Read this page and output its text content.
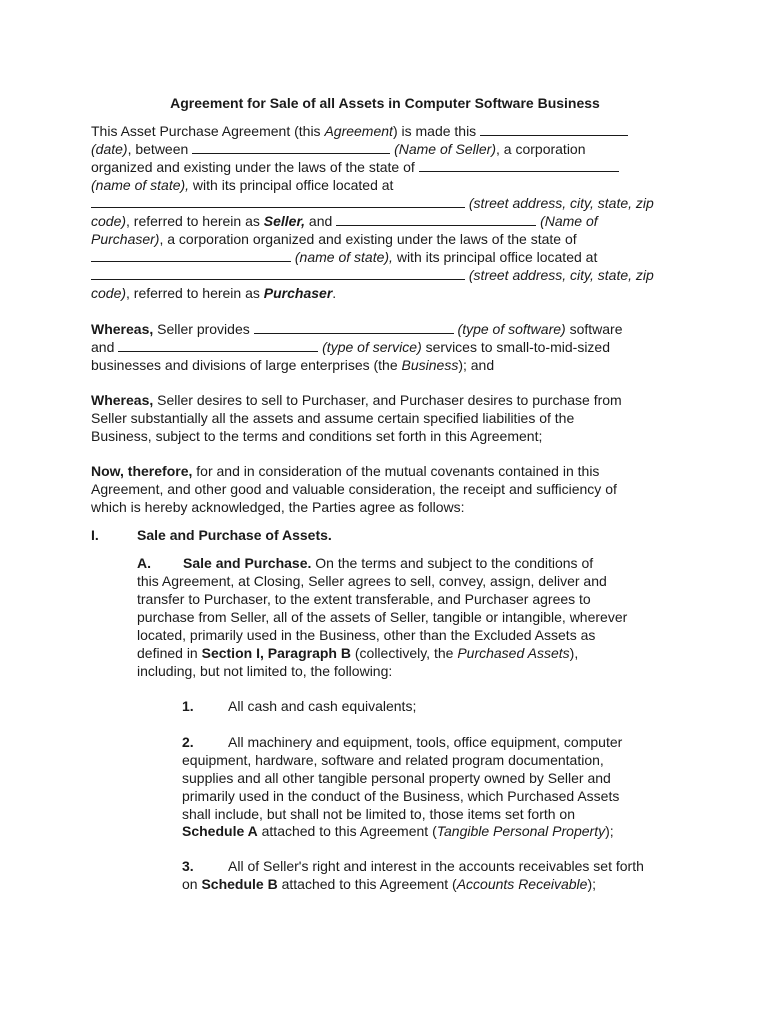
Agreement for Sale of all Assets in Computer Software Business
This Asset Purchase Agreement (this Agreement) is made this
(date), between	(Name of Seller), a corporation
organized and existing under the laws of the state of
(name of state), with its principal office located at
(street address, city, state, zip
code), referred to herein as Seller, and	(Name of
Purchaser), a corporation organized and existing under the laws of the state of
(name of state), with its principal office located at
(street address, city, state, zip
code), referred to herein as Purchaser.
Whereas, Seller provides	(type of software) software
and	(type of service) services to small-to-mid-sized
businesses and divisions of large enterprises (the Business); and
Whereas, Seller desires to sell to Purchaser, and Purchaser desires to purchase from
Seller substantially all the assets and assume certain specified liabilities of the
Business, subject to the terms and conditions set forth in this Agreement;
Now, therefore, for and in consideration of the mutual covenants contained in this
Agreement, and other good and valuable consideration, the receipt and sufficiency of
which is hereby acknowledged, the Parties agree as follows:
I.	Sale and Purchase of Assets.
A. Sale and Purchase. On the terms and subject to the conditions of
this Agreement, at Closing, Seller agrees to sell, convey, assign, deliver and
transfer to Purchaser, to the extent transferable, and Purchaser agrees to
purchase from Seller, all of the assets of Seller, tangible or intangible, wherever
located, primarily used in the Business, other than the Excluded Assets as
defined in Section I, Paragraph B (collectively, the Purchased Assets),
including, but not limited to, the following:
1. All cash and cash equivalents;
2. All machinery and equipment, tools, office equipment, computer
equipment, hardware, software and related program documentation,
supplies and all other tangible personal property owned by Seller and
primarily used in the conduct of the Business, which Purchased Assets
shall include, but shall not be limited to, those items set forth on
Schedule A attached to this Agreement (Tangible Personal Property);
3. All of Seller's right and interest in the accounts receivables set forth
on Schedule B attached to this Agreement (Accounts Receivable);
